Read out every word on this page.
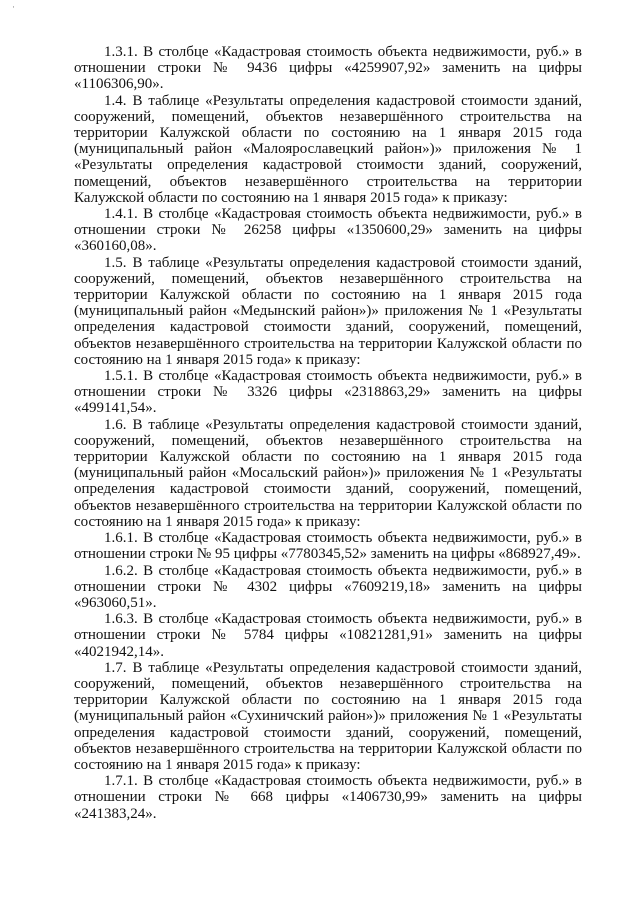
·

1.3.1. В столбце «Кадастровая стоимость объекта недвижимости, руб.» в отношении строки № 9436 цифры «4259907,92» заменить на цифры «1106306,90».

1.4. В таблице «Результаты определения кадастровой стоимости зданий, сооружений, помещений, объектов незавершённого строительства на территории Калужской области по состоянию на 1 января 2015 года (муниципальный район «Малоярославецкий район»)» приложения № 1 «Результаты определения кадастровой стоимости зданий, сооружений, помещений, объектов незавершённого строительства на территории Калужской области по состоянию на 1 января 2015 года» к приказу:

1.4.1. В столбце «Кадастровая стоимость объекта недвижимости, руб.» в отношении строки № 26258 цифры «1350600,29» заменить на цифры «360160,08».

1.5. В таблице «Результаты определения кадастровой стоимости зданий, сооружений, помещений, объектов незавершённого строительства на территории Калужской области по состоянию на 1 января 2015 года (муниципальный район «Медынский район»)» приложения № 1 «Результаты определения кадастровой стоимости зданий, сооружений, помещений, объектов незавершённого строительства на территории Калужской области по состоянию на 1 января 2015 года» к приказу:

1.5.1. В столбце «Кадастровая стоимость объекта недвижимости, руб.» в отношении строки № 3326 цифры «2318863,29» заменить на цифры «499141,54».

1.6. В таблице «Результаты определения кадастровой стоимости зданий, сооружений, помещений, объектов незавершённого строительства на территории Калужской области по состоянию на 1 января 2015 года (муниципальный район «Мосальский район»)» приложения № 1 «Результаты определения кадастровой стоимости зданий, сооружений, помещений, объектов незавершённого строительства на территории Калужской области по состоянию на 1 января 2015 года» к приказу:

1.6.1. В столбце «Кадастровая стоимость объекта недвижимости, руб.» в отношении строки № 95 цифры «7780345,52» заменить на цифры «868927,49».

1.6.2. В столбце «Кадастровая стоимость объекта недвижимости, руб.» в отношении строки № 4302 цифры «7609219,18» заменить на цифры «963060,51».

1.6.3. В столбце «Кадастровая стоимость объекта недвижимости, руб.» в отношении строки № 5784 цифры «10821281,91» заменить на цифры «4021942,14».

1.7. В таблице «Результаты определения кадастровой стоимости зданий, сооружений, помещений, объектов незавершённого строительства на территории Калужской области по состоянию на 1 января 2015 года (муниципальный район «Сухиничский район»)» приложения № 1 «Результаты определения кадастровой стоимости зданий, сооружений, помещений, объектов незавершённого строительства на территории Калужской области по состоянию на 1 января 2015 года» к приказу:

1.7.1. В столбце «Кадастровая стоимость объекта недвижимости, руб.» в отношении строки № 668 цифры «1406730,99» заменить на цифры «241383,24».
